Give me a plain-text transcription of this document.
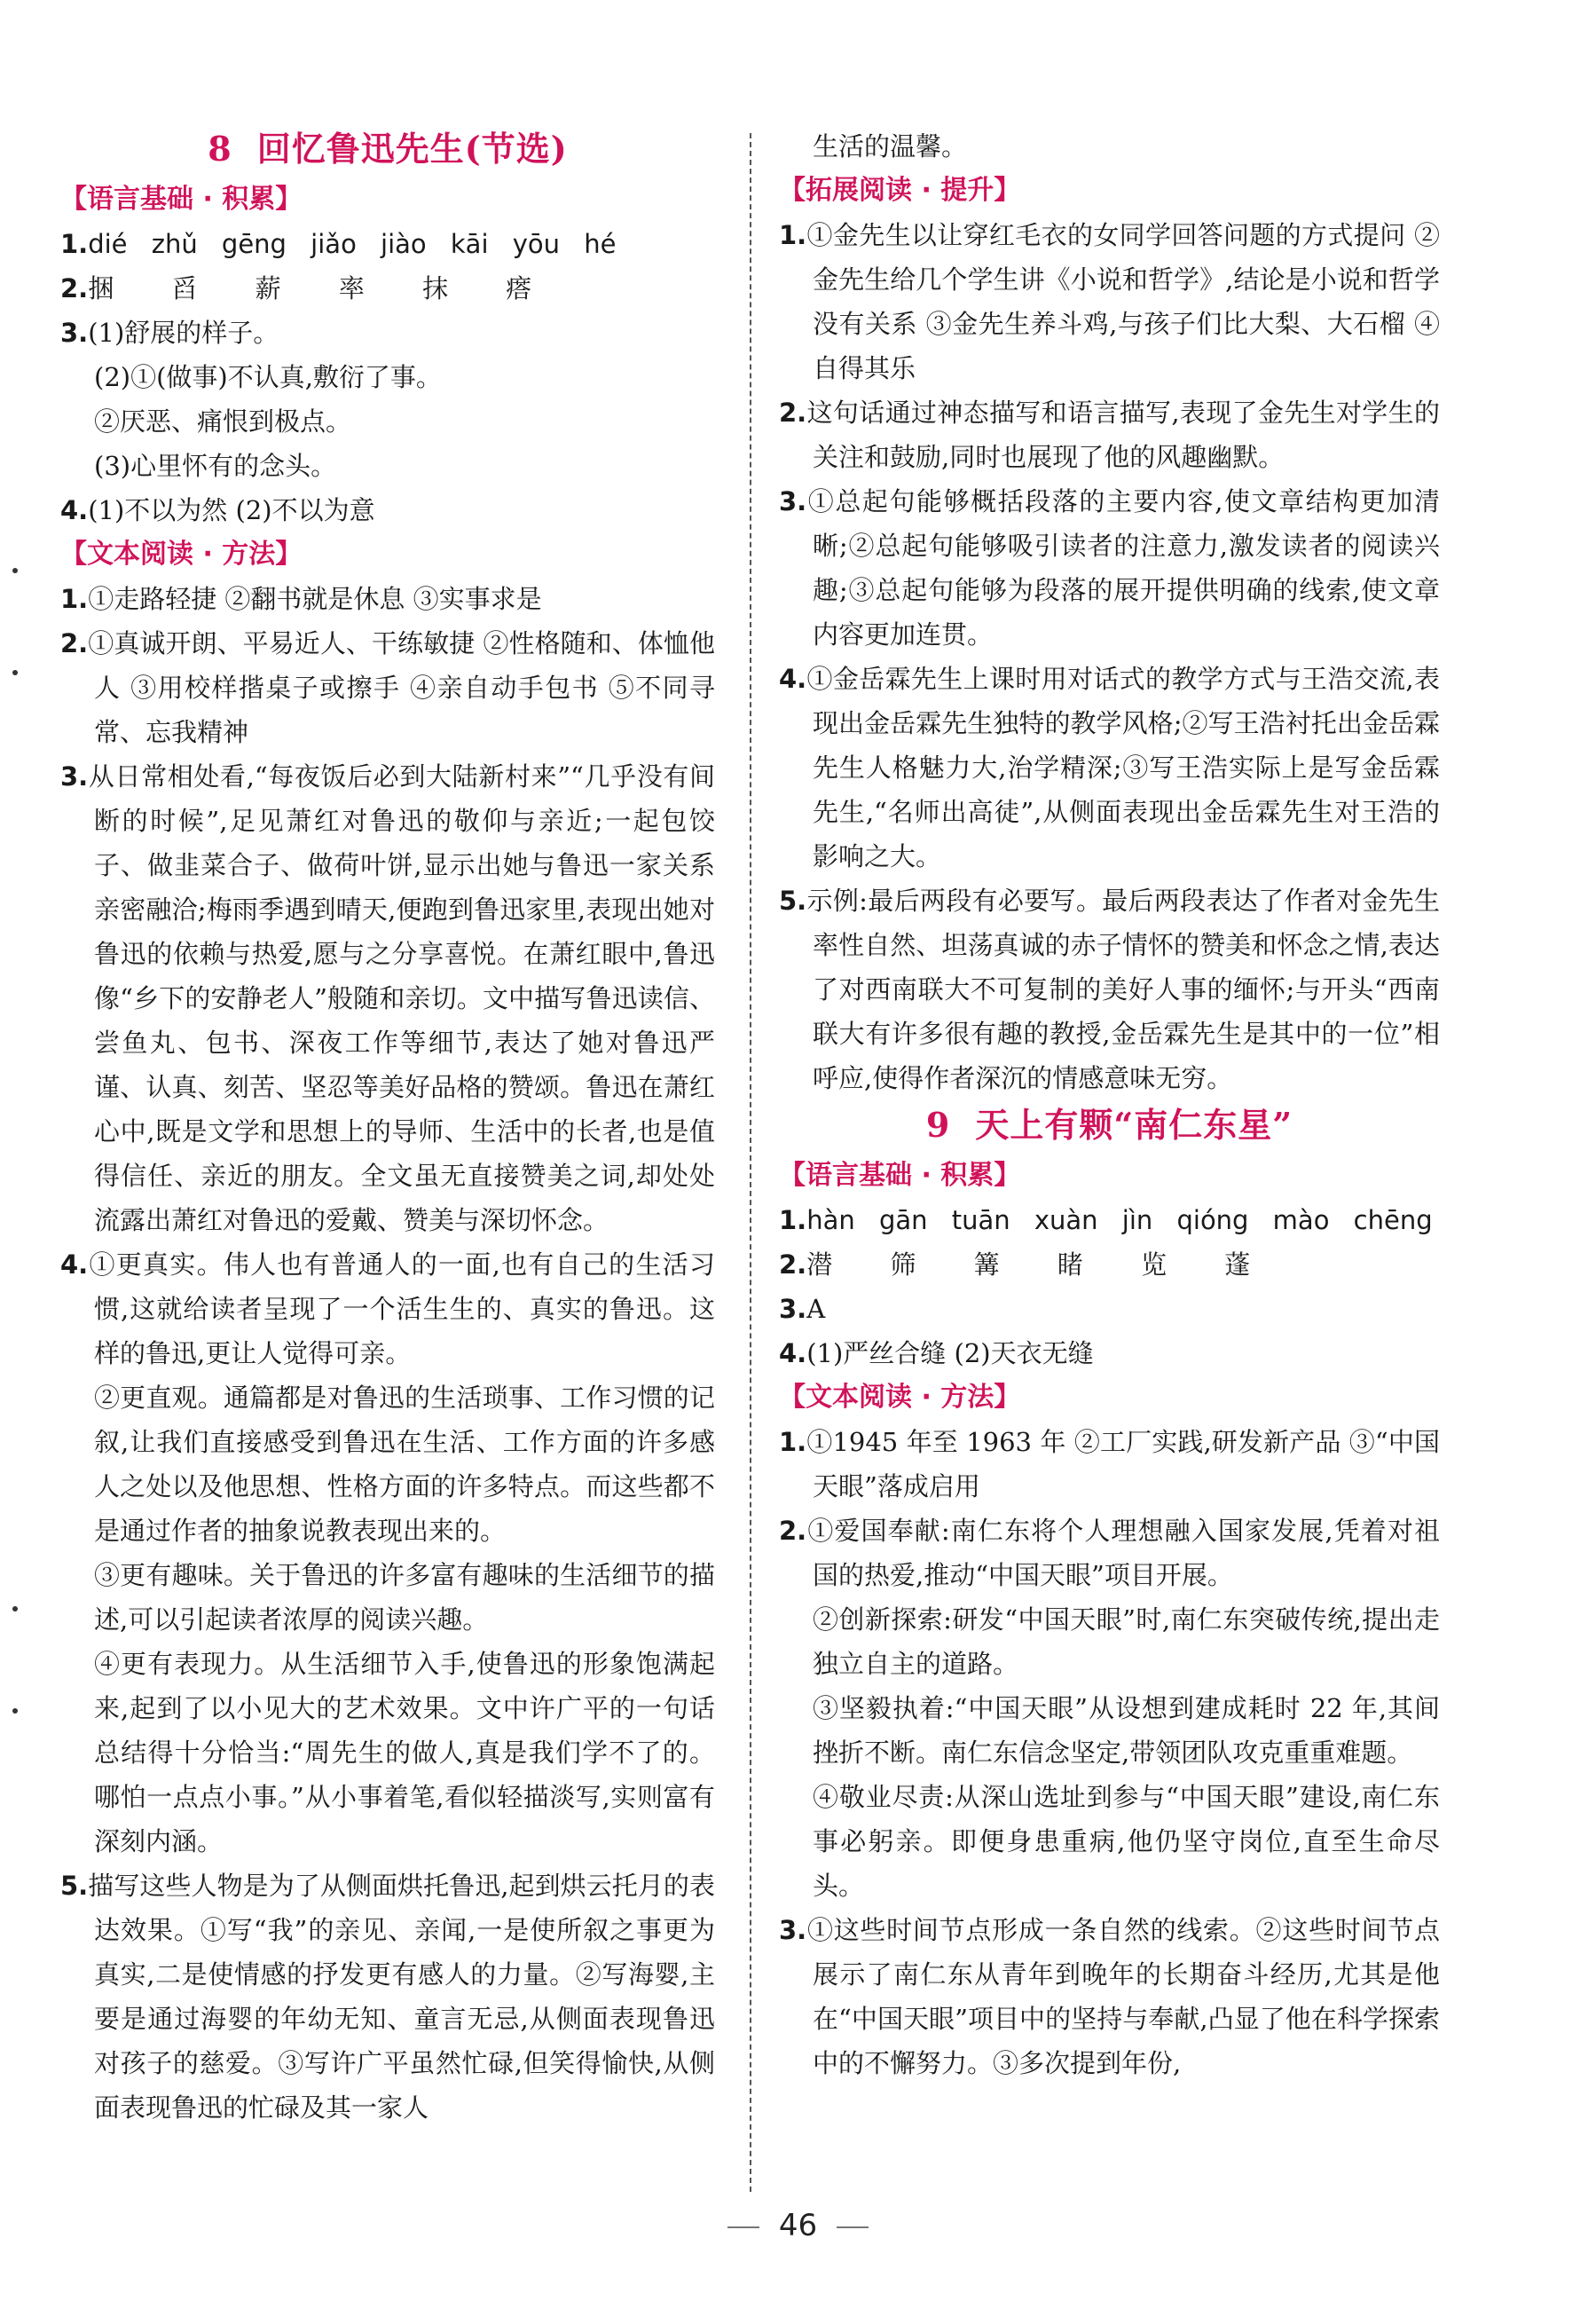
8 回忆鲁迅先生(节选)

【语言基础 · 积累】

1.dié zhǔ gēng jiǎo jiào kāi yōu hé

2.捆 舀 薪 率 抹 瘩

3.(1)舒展的样子。

(2)①(做事)不认真,敷衍了事。

②厌恶、痛恨到极点。

(3)心里怀有的念头。

4.(1)不以为然 (2)不以为意

【文本阅读 · 方法】

1.①走路轻捷 ②翻书就是休息 ③实事求是

2.①真诚开朗、平易近人、干练敏捷 ②性格随和、体恤他人 ③用校样揩桌子或擦手 ④亲自动手包书 ⑤不同寻常、忘我精神

3.从日常相处看,“每夜饭后必到大陆新村来”“几乎没有间断的时候”,足见萧红对鲁迅的敬仰与亲近;一起包饺子、做韭菜合子、做荷叶饼,显示出她与鲁迅一家关系亲密融洽;梅雨季遇到晴天,便跑到鲁迅家里,表现出她对鲁迅的依赖与热爱,愿与之分享喜悦。在萧红眼中,鲁迅像“乡下的安静老人”般随和亲切。文中描写鲁迅读信、尝鱼丸、包书、深夜工作等细节,表达了她对鲁迅严谨、认真、刻苦、坚忍等美好品格的赞颂。鲁迅在萧红心中,既是文学和思想上的导师、生活中的长者,也是值得信任、亲近的朋友。全文虽无直接赞美之词,却处处流露出萧红对鲁迅的爱戴、赞美与深切怀念。

4.①更真实。伟人也有普通人的一面,也有自己的生活习惯,这就给读者呈现了一个活生生的、真实的鲁迅。这样的鲁迅,更让人觉得可亲。

②更直观。通篇都是对鲁迅的生活琐事、工作习惯的记叙,让我们直接感受到鲁迅在生活、工作方面的许多感人之处以及他思想、性格方面的许多特点。而这些都不是通过作者的抽象说教表现出来的。

③更有趣味。关于鲁迅的许多富有趣味的生活细节的描述,可以引起读者浓厚的阅读兴趣。

④更有表现力。从生活细节入手,使鲁迅的形象饱满起来,起到了以小见大的艺术效果。文中许广平的一句话总结得十分恰当:“周先生的做人,真是我们学不了的。哪怕一点点小事。”从小事着笔,看似轻描淡写,实则富有深刻内涵。

5.描写这些人物是为了从侧面烘托鲁迅,起到烘云托月的表达效果。①写“我”的亲见、亲闻,一是使所叙之事更为真实,二是使情感的抒发更有感人的力量。②写海婴,主要是通过海婴的年幼无知、童言无忌,从侧面表现鲁迅对孩子的慈爱。③写许广平虽然忙碌,但笑得愉快,从侧面表现鲁迅的忙碌及其一家人

生活的温馨。

【拓展阅读 · 提升】

1.①金先生以让穿红毛衣的女同学回答问题的方式提问 ②金先生给几个学生讲《小说和哲学》,结论是小说和哲学没有关系 ③金先生养斗鸡,与孩子们比大梨、大石榴 ④自得其乐

2.这句话通过神态描写和语言描写,表现了金先生对学生的关注和鼓励,同时也展现了他的风趣幽默。

3.①总起句能够概括段落的主要内容,使文章结构更加清晰;②总起句能够吸引读者的注意力,激发读者的阅读兴趣;③总起句能够为段落的展开提供明确的线索,使文章内容更加连贯。

4.①金岳霖先生上课时用对话式的教学方式与王浩交流,表现出金岳霖先生独特的教学风格;②写王浩衬托出金岳霖先生人格魅力大,治学精深;③写王浩实际上是写金岳霖先生,“名师出高徒”,从侧面表现出金岳霖先生对王浩的影响之大。

5.示例:最后两段有必要写。最后两段表达了作者对金先生率性自然、坦荡真诚的赤子情怀的赞美和怀念之情,表达了对西南联大不可复制的美好人事的缅怀;与开头“西南联大有许多很有趣的教授,金岳霖先生是其中的一位”相呼应,使得作者深沉的情感意味无穷。

9 天上有颗“南仁东星”

【语言基础 · 积累】

1.hàn gān tuān xuàn jìn qióng mào chēng

2.潜 筛 篝 睹 览 蓬

3.A

4.(1)严丝合缝 (2)天衣无缝

【文本阅读 · 方法】

1.①1945 年至 1963 年 ②工厂实践,研发新产品 ③“中国天眼”落成启用

2.①爱国奉献:南仁东将个人理想融入国家发展,凭着对祖国的热爱,推动“中国天眼”项目开展。

②创新探索:研发“中国天眼”时,南仁东突破传统,提出走独立自主的道路。

③坚毅执着:“中国天眼”从设想到建成耗时 22 年,其间挫折不断。南仁东信念坚定,带领团队攻克重重难题。

④敬业尽责:从深山选址到参与“中国天眼”建设,南仁东事必躬亲。即便身患重病,他仍坚守岗位,直至生命尽头。

3.①这些时间节点形成一条自然的线索。②这些时间节点展示了南仁东从青年到晚年的长期奋斗经历,尤其是他在“中国天眼”项目中的坚持与奉献,凸显了他在科学探索中的不懈努力。③多次提到年份,

46
